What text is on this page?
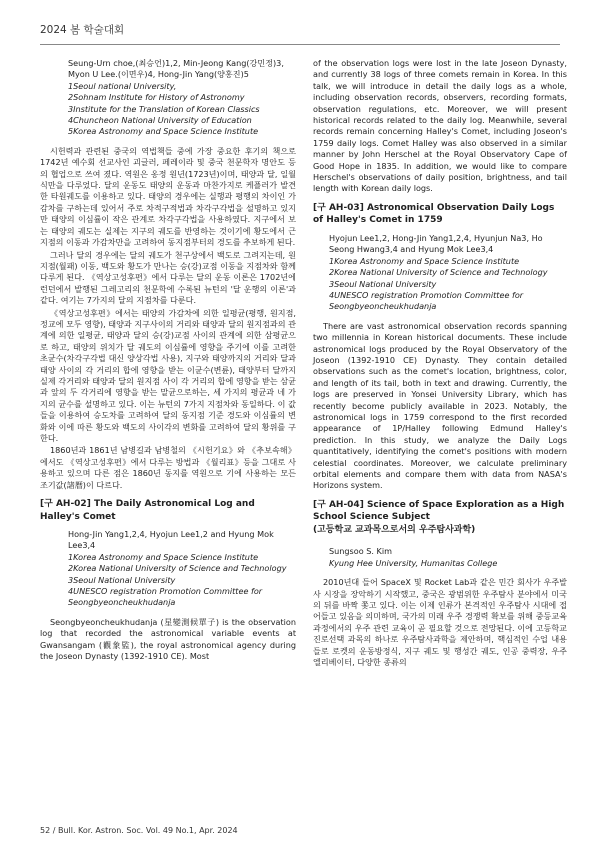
2024 봄 학술대회
Seung-Urn choe,(최승언)1,2, Min-Jeong Kang(강민정)3, Myon U Lee.(이면우)4, Hong-Jin Yang(양홍진)5
1Seoul national University,
2Sohnam Institute for History of Astronomy
3Institute for the Translation of Korean Classics
4Chuncheon National University of Education
5Korea Astronomy and Space Science Institute

시헌력과 관련된 중국의 역법책들 중에 가장 중요한 후기의 책으로 1742년 예수회 선교사인 괴글러, 페레이라 및 중국 천문학자 명안도 등의 협업으로 쓰여 졌다. 역원은 옹정 원년(1723년)이며, 태양과 달, 일월식만을 다루었다. 달의 운동도 태양의 운동과 마찬가지로 케플러가 발견한 타원궤도를 이용하고 있다. 태양의 경우에는 실행과 평행의 차이인 가감차를 구하는데 있어서 주로 차적구적법과 차각구각법을 설명하고 있지만 태양의 이심률이 작은 관계로 차각구각법을 사용하였다. 지구에서 보는 태양의 궤도는 실제는 지구의 궤도를 반영하는 것이기에 황도에서 근지점의 이동과 가감차만을 고려하여 동지점부터의 경도를 추보하게 된다.

그러나 달의 경우에는 달의 궤도가 천구상에서 백도로 그려지는데, 원지점(월패) 이동, 백도와 황도가 만나는 승(강)교점 이동을 지점차와 함께 다루게 된다. 《역상고성후편》에서 다루는 달의 운동 이론은 1702년에 런던에서 발행된 그레고리의 천문학에 수록된 뉴턴의 '달 운행의 이론'과 같다. 여기는 7가지의 달의 지점차를 다룬다.

《역상고성후편》에서는 태양의 가감차에 의한 일평균(평행, 원지점, 정교에 모두 영향), 태양과 지구사이의 거리와 태양과 달의 원지점과의 관계에 의한 일평균, 태양과 달의 승(강)교점 사이의 관계에 의한 삼평균으로 하고, 태양의 위치가 달 궤도의 이심률에 영향을 주기에 이를 고려한 초균수(차각구각법 대신 양상각법 사용), 지구와 태양까지의 거리와 달과 태양 사이의 각 거리의 합에 영향을 받는 이균수(변륜), 태양부터 달까지 실제 각거리와 태양과 달의 원지점 사이 각 거리의 합에 영향을 받는 삼균과 앞의 두 각거리에 영향을 받는 말균으로하는, 세 가지의 평균과 네 가지의 균수를 설명하고 있다. 이는 뉴턴의 7가지 지점차와 동일하다. 이 값들을 이용하여 승도차를 고려하여 달의 동지점 기준 경도와 이심률의 변화와 이에 따른 황도와 백도의 사이각의 변화를 고려하여 달의 황위를 구한다.

1860년과 1861년 남병길과 남병철의 《시헌기요》와 《추보속해》에서도 《역상고성후편》에서 다루는 방법과 《월리표》등을 그대로 사용하고 있으며 다른 점은 1860년 동지를 역원으로 기에 사용하는 모든 조기값(諸曆)이 다르다.

[구 AH-02] The Daily Astronomical Log and Halley's Comet
Hong-Jin Yang1,2,4, Hyojun Lee1,2 and Hyung Mok Lee3,4
1Korea Astronomy and Space Science Institute
2Korea National University of Science and Technology
3Seoul National University
4UNESCO registration Promotion Committee for Seongbyeoncheukhudanja

Seongbyeoncheukhudanja (星變測候單子) is the observation log that recorded the astronomical variable events at Gwansangam (觀象監), the royal astronomical agency during the Joseon Dynasty (1392-1910 CE). Most

of the observation logs were lost in the late Joseon Dynasty, and currently 38 logs of three comets remain in Korea. In this talk, we will introduce in detail the daily logs as a whole, including observation records, observers, recording formats, observation regulations, etc. Moreover, we will present historical records related to the daily log. Meanwhile, several records remain concerning Halley's Comet, including Joseon's 1759 daily logs. Comet Halley was also observed in a similar manner by John Herschel at the Royal Observatory Cape of Good Hope in 1835. In addition, we would like to compare Herschel's observations of daily position, brightness, and tail length with Korean daily logs.

[구 AH-03] Astronomical Observation Daily Logs of Halley's Comet in 1759
Hyojun Lee1,2, Hong-Jin Yang1,2,4, Hyunjun Na3, Ho Seong Hwang3,4 and Hyung Mok Lee3,4
1Korea Astronomy and Space Science Institute
2Korea National University of Science and Technology
3Seoul National University
4UNESCO registration Promotion Committee for Seongbyeoncheukhudanja

There are vast astronomical observation records spanning two millennia in Korean historical documents. These include astronomical logs produced by the Royal Observatory of the Joseon (1392-1910 CE) Dynasty. They contain detailed observations such as the comet's location, brightness, color, and length of its tail, both in text and drawing. Currently, the logs are preserved in Yonsei University Library, which has recently become publicly available in 2023. Notably, the astronomical logs in 1759 correspond to the first recorded appearance of 1P/Halley following Edmund Halley's prediction. In this study, we analyze the Daily Logs quantitatively, identifying the comet's positions with modern celestial coordinates. Moreover, we calculate preliminary orbital elements and compare them with data from NASA's Horizons system.

[구 AH-04] Science of Space Exploration as a High School Science Subject
(고등학교 교과목으로서의 우주탐사과학)
Sungsoo S. Kim
Kyung Hee University, Humanitas College

2010년대 들어 SpaceX 및 Rocket Lab과 같은 민간 회사가 우주발사 시장을 장악하기 시작했고, 중국은 광범위한 우주탐사 분야에서 미국의 뒤를 바짝 쫓고 있다. 이는 이제 인류가 본격적인 우주탐사 시대에 접어들고 있음을 의미하며, 국가의 미래 우주 경쟁력 확보를 위해 중등교육과정에서의 우주 관련 교육이 곧 필요할 것으로 전망된다. 이에 고등학교 진로선택 과목의 하나로 우주탐사과학을 제안하며, 핵심적인 수업 내용들로 로켓의 운동방정식, 지구 궤도 및 행성간 궤도, 인공 중력장, 우주 엘리베이터, 다양한 종류의

52 / Bull. Kor. Astron. Soc. Vol. 49 No.1, Apr. 2024
